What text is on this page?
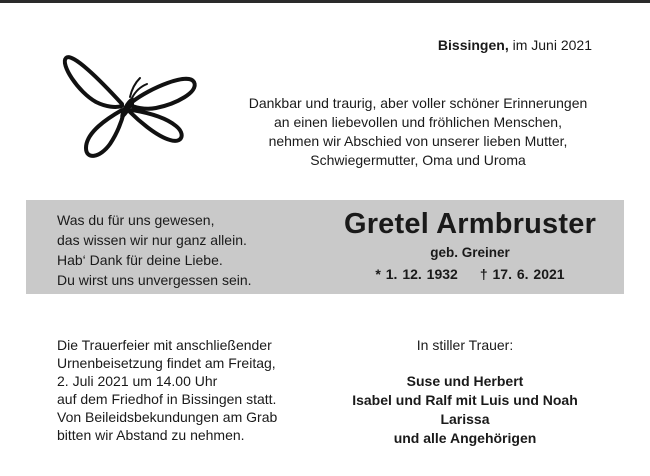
Bissingen, im Juni 2021
Dankbar und traurig, aber voller schöner Erinnerungen
an einen liebevollen und fröhlichen Menschen,
nehmen wir Abschied von unserer lieben Mutter,
Schwiegermutter, Oma und Uroma
Was du für uns gewesen,
das wissen wir nur ganz allein.
Hab‘ Dank für deine Liebe.
Du wirst uns unvergessen sein.
Gretel Armbruster
geb. Greiner
* 1. 12. 1932 † 17. 6. 2021
Die Trauerfeier mit anschließender
Urnenbeisetzung findet am Freitag,
2. Juli 2021 um 14.00 Uhr
auf dem Friedhof in Bissingen statt.
Von Beileidsbekundungen am Grab
bitten wir Abstand zu nehmen.
In stiller Trauer:
Suse und Herbert
Isabel und Ralf mit Luis und Noah
Larissa
und alle Angehörigen
